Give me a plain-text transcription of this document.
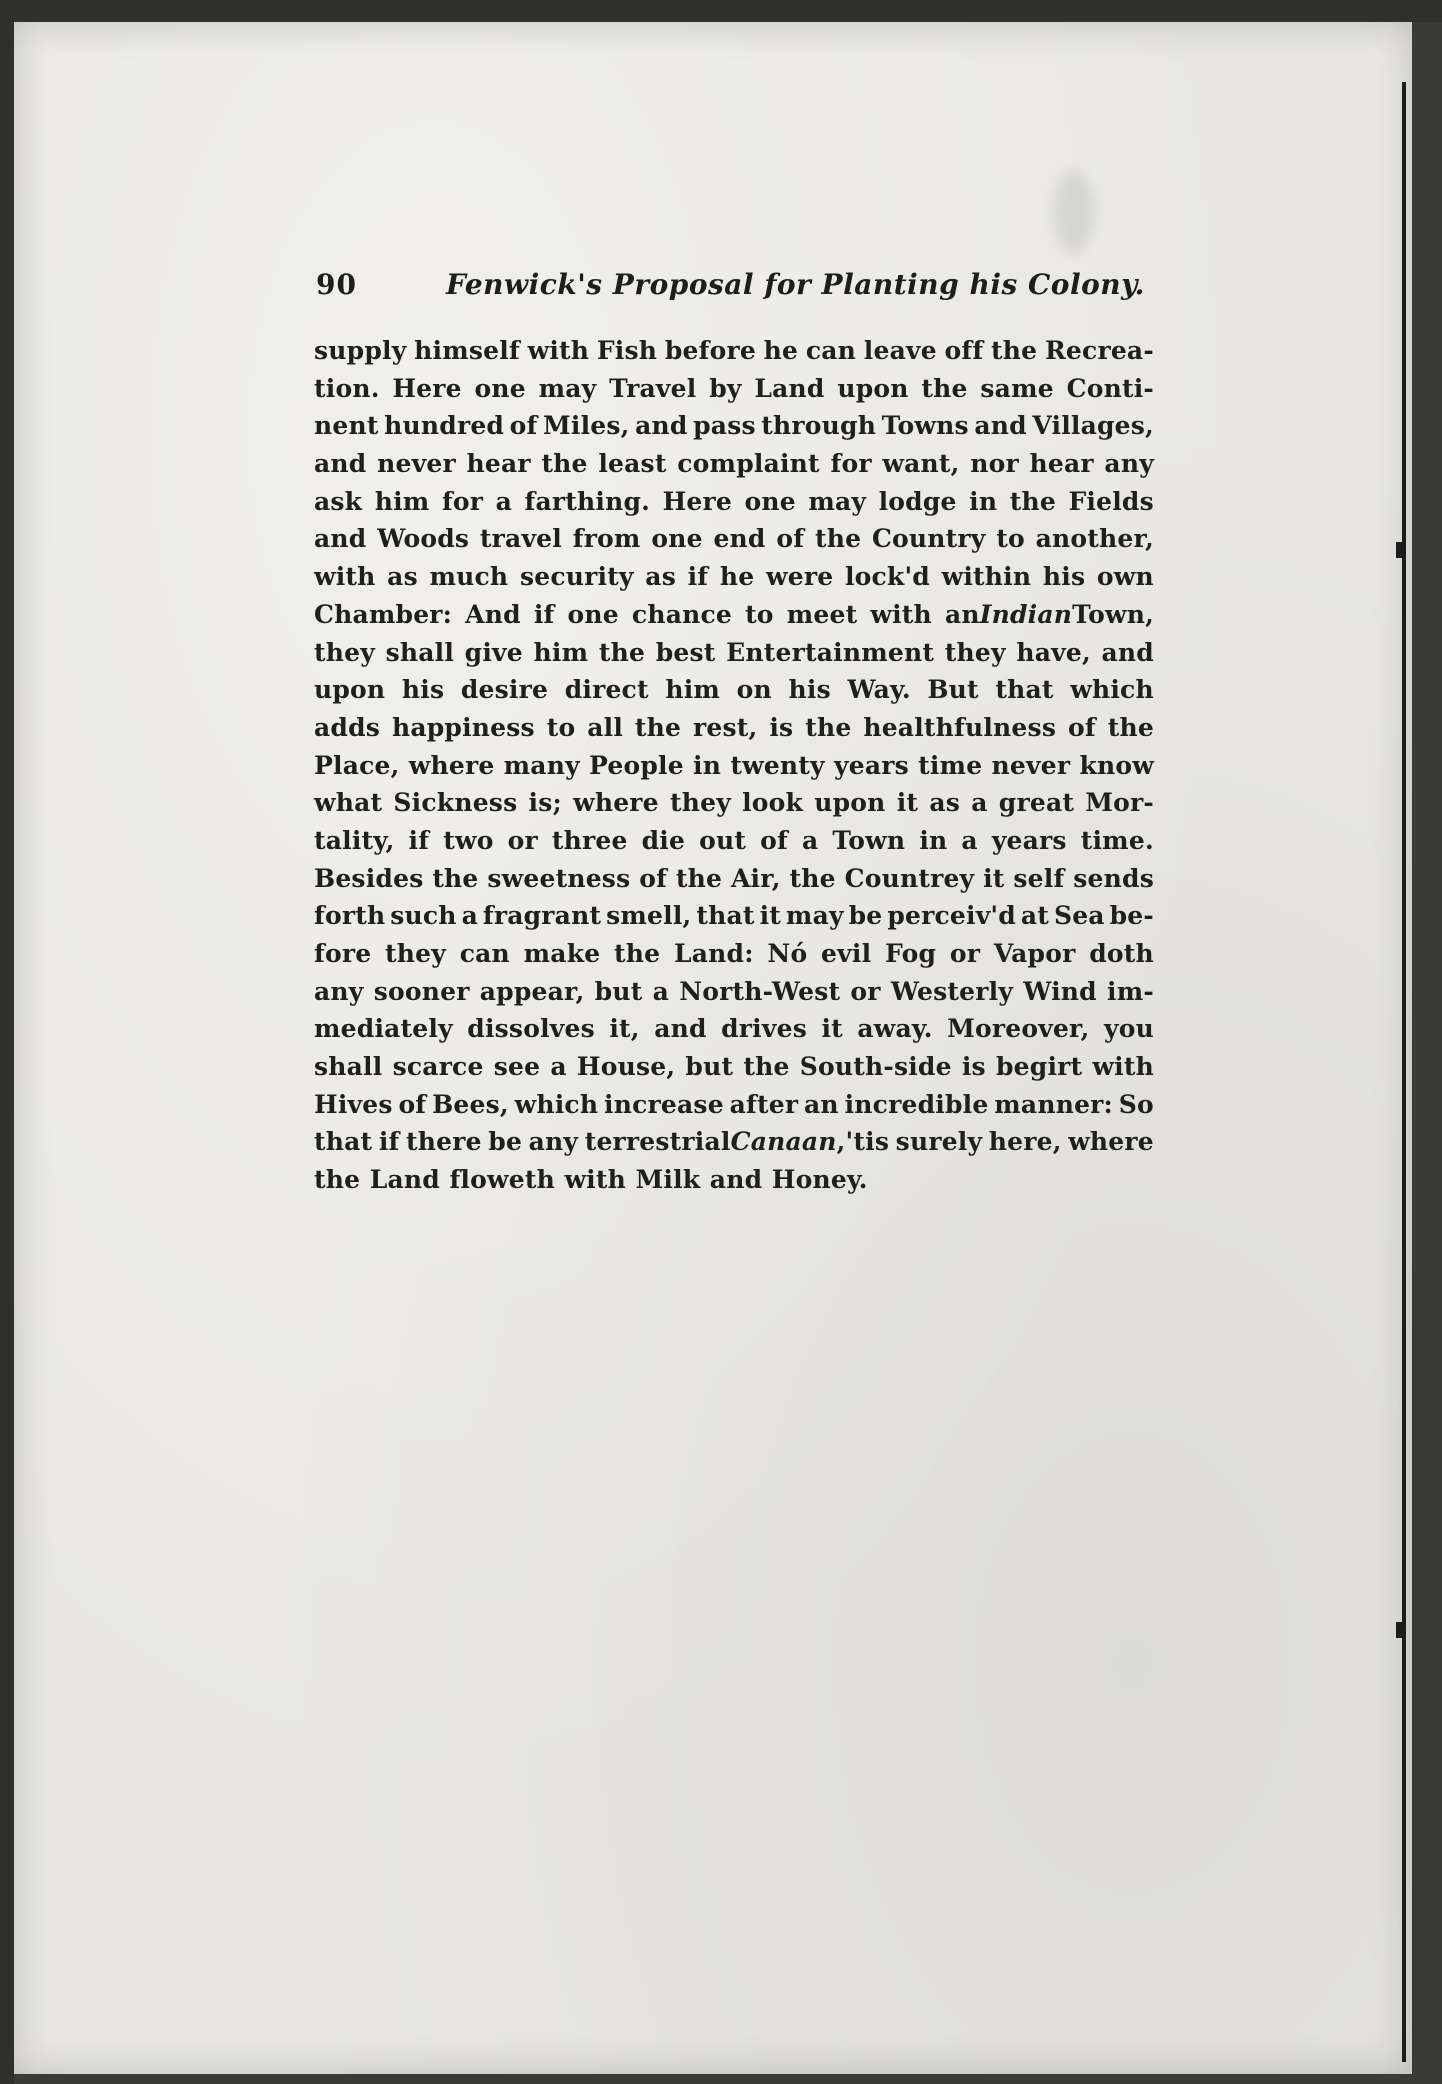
90	Fenwick's Proposal for Planting his Colony.
supply himself with Fish before he can leave off the Recrea-
tion. Here one may Travel by Land upon the same Conti-
nent hundred of Miles, and pass through Towns and Villages,
and never hear the least complaint for want, nor hear any
ask him for a farthing. Here one may lodge in the Fields
and Woods travel from one end of the Country to another,
with as much security as if he were lock'd within his own
Chamber: And if one chance to meet with anIndianTown,
they shall give him the best Entertainment they have, and
upon his desire direct him on his Way. But that which
adds happiness to all the rest, is the healthfulness of the
Place, where many People in twenty years time never know
what Sickness is; where they look upon it as a great Mor-
tality, if two or three die out of a Town in a years time.
Besides the sweetness of the Air, the Countrey it self sends
forth such a fragrant smell, that it may be perceiv'd at Sea be-
fore they can make the Land: Nó evil Fog or Vapor doth
any sooner appear, but a North-West or Westerly Wind im-
mediately dissolves it, and drives it away. Moreover, you
shall scarce see a House, but the South-side is begirt with
Hives of Bees, which increase after an incredible manner: So
that if there be any terrestrialCanaan,'tis surely here, where
the Land floweth with Milk and Honey.
